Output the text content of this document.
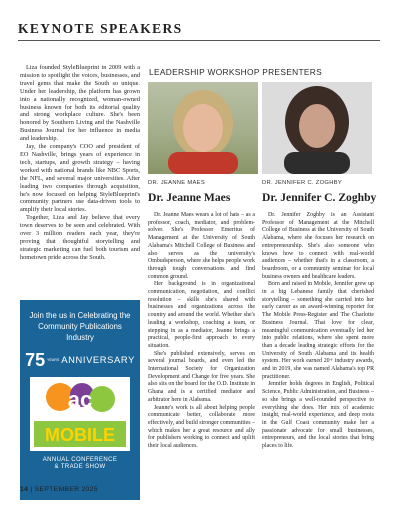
KEYNOTE SPEAKERS

Liza founded StyleBlueprint in 2009 with a mission to spotlight the voices, businesses, and travel gems that make the South so unique. Under her leadership, the platform has grown into a nationally recognized, woman-owned business known for both its editorial quality and strong workplace culture. She's been honored by Southern Living and the Nashville Business Journal for her influence in media and leadership.

Jay, the company's COO and president of EO Nashville, brings years of experience in tech, startups, and growth strategy – having worked with national brands like NBC Sports, the NFL, and several major universities. After leading two companies through acquisition, he's now focused on helping StyleBlueprint's community partners use data-driven tools to amplify their local stories.

Together, Liza and Jay believe that every town deserves to be seen and celebrated. With over 3 million readers each year, they're proving that thoughtful storytelling and strategic marketing can fuel both tourism and hometown pride across the South.

Join the us in Celebrating the Community Publications Industry
75 YEARS ANNIVERSARY
ac
MOBILE
ANNUAL CONFERENCE
& TRADE SHOW
LEADERSHIP WORKSHOP PRESENTERS
DR. JEANNE MAES	DR. JENNIFER C. ZOGHBY
Dr. Jeanne Maes	Dr. Jennifer C. Zoghby

Dr. Jeanne Maes wears a lot of hats – as a professor, coach, mediator, and problem-solver. She's Professor Emeritus of Management at the University of South Alabama's Mitchell College of Business and also serves as the university's Ombudsperson, where she helps people work through tough conversations and find common ground.

Her background is in organizational communication, negotiation, and conflict resolution – skills she's shared with businesses and organizations across the country and around the world. Whether she's leading a workshop, coaching a team, or stepping in as a mediator, Jeanne brings a practical, people-first approach to every situation.

She's published extensively, serves on several journal boards, and even led the International Society for Organization Development and Change for five years. She also sits on the board for the O.D. Institute in Ghana and is a certified mediator and arbitrator here in Alabama.

Jeanne's work is all about helping people communicate better, collaborate more effectively, and build stronger communities – which makes her a great resource and ally for publishers working to connect and uplift their local audiences.

Dr. Jennifer Zoghby is an Assistant Professor of Management at the Mitchell College of Business at the University of South Alabama, where she focuses her research on entrepreneurship. She's also someone who knows how to connect with real-world audiences – whether that's in a classroom, a boardroom, or a community seminar for local business owners and healthcare leaders.

Born and raised in Mobile, Jennifer grew up in a big Lebanese family that cherished storytelling – something she carried into her early career as an award-winning reporter for The Mobile Press-Register and The Charlotte Business Journal. That love for clear, meaningful communication eventually led her into public relations, where she spent more than a decade leading strategic efforts for the University of South Alabama and its health system. Her work earned 20+ industry awards, and in 2019, she was named Alabama's top PR practitioner.

Jennifer holds degrees in English, Political Science, Public Administration, and Business – so she brings a well-rounded perspective to everything she does. Her mix of academic insight, real-world experience, and deep roots in the Gulf Coast community make her a passionate advocate for small businesses, entrepreneurs, and the local stories that bring places to life.

14 | SEPTEMBER 2025
